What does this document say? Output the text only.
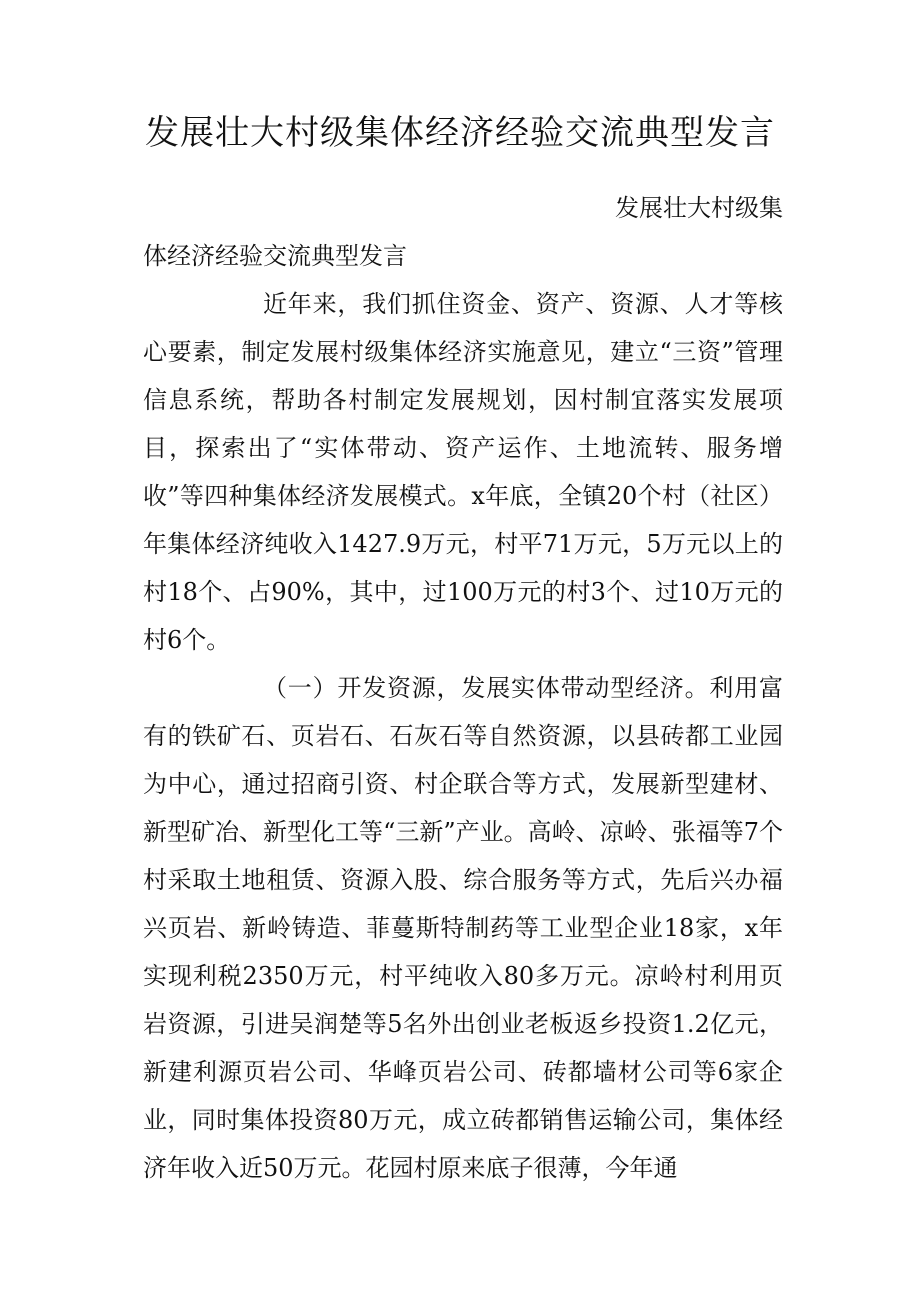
发展壮大村级集体经济经验交流典型发言

发展壮大村级集

体经济经验交流典型发言

近年来，我们抓住资金、资产、资源、人才等核心要素，制定发展村级集体经济实施意见，建立“三资”管理信息系统，帮助各村制定发展规划，因村制宜落实发展项目，探索出了“实体带动、资产运作、土地流转、服务增收”等四种集体经济发展模式。x年底，全镇20个村（社区）年集体经济纯收入1427.9万元，村平71万元，5万元以上的村18个、占90%，其中，过100万元的村3个、过10万元的村6个。

（一）开发资源，发展实体带动型经济。利用富有的铁矿石、页岩石、石灰石等自然资源，以县砖都工业园为中心，通过招商引资、村企联合等方式，发展新型建材、新型矿冶、新型化工等“三新”产业。高岭、凉岭、张福等7个村采取土地租赁、资源入股、综合服务等方式，先后兴办福兴页岩、新岭铸造、菲蔓斯特制药等工业型企业18家，x年实现利税2350万元，村平纯收入80多万元。凉岭村利用页岩资源，引进吴润楚等5名外出创业老板返乡投资1.2亿元，新建利源页岩公司、华峰页岩公司、砖都墙材公司等6家企业，同时集体投资80万元，成立砖都销售运输公司，集体经济年收入近50万元。花园村原来底子很薄，今年通
